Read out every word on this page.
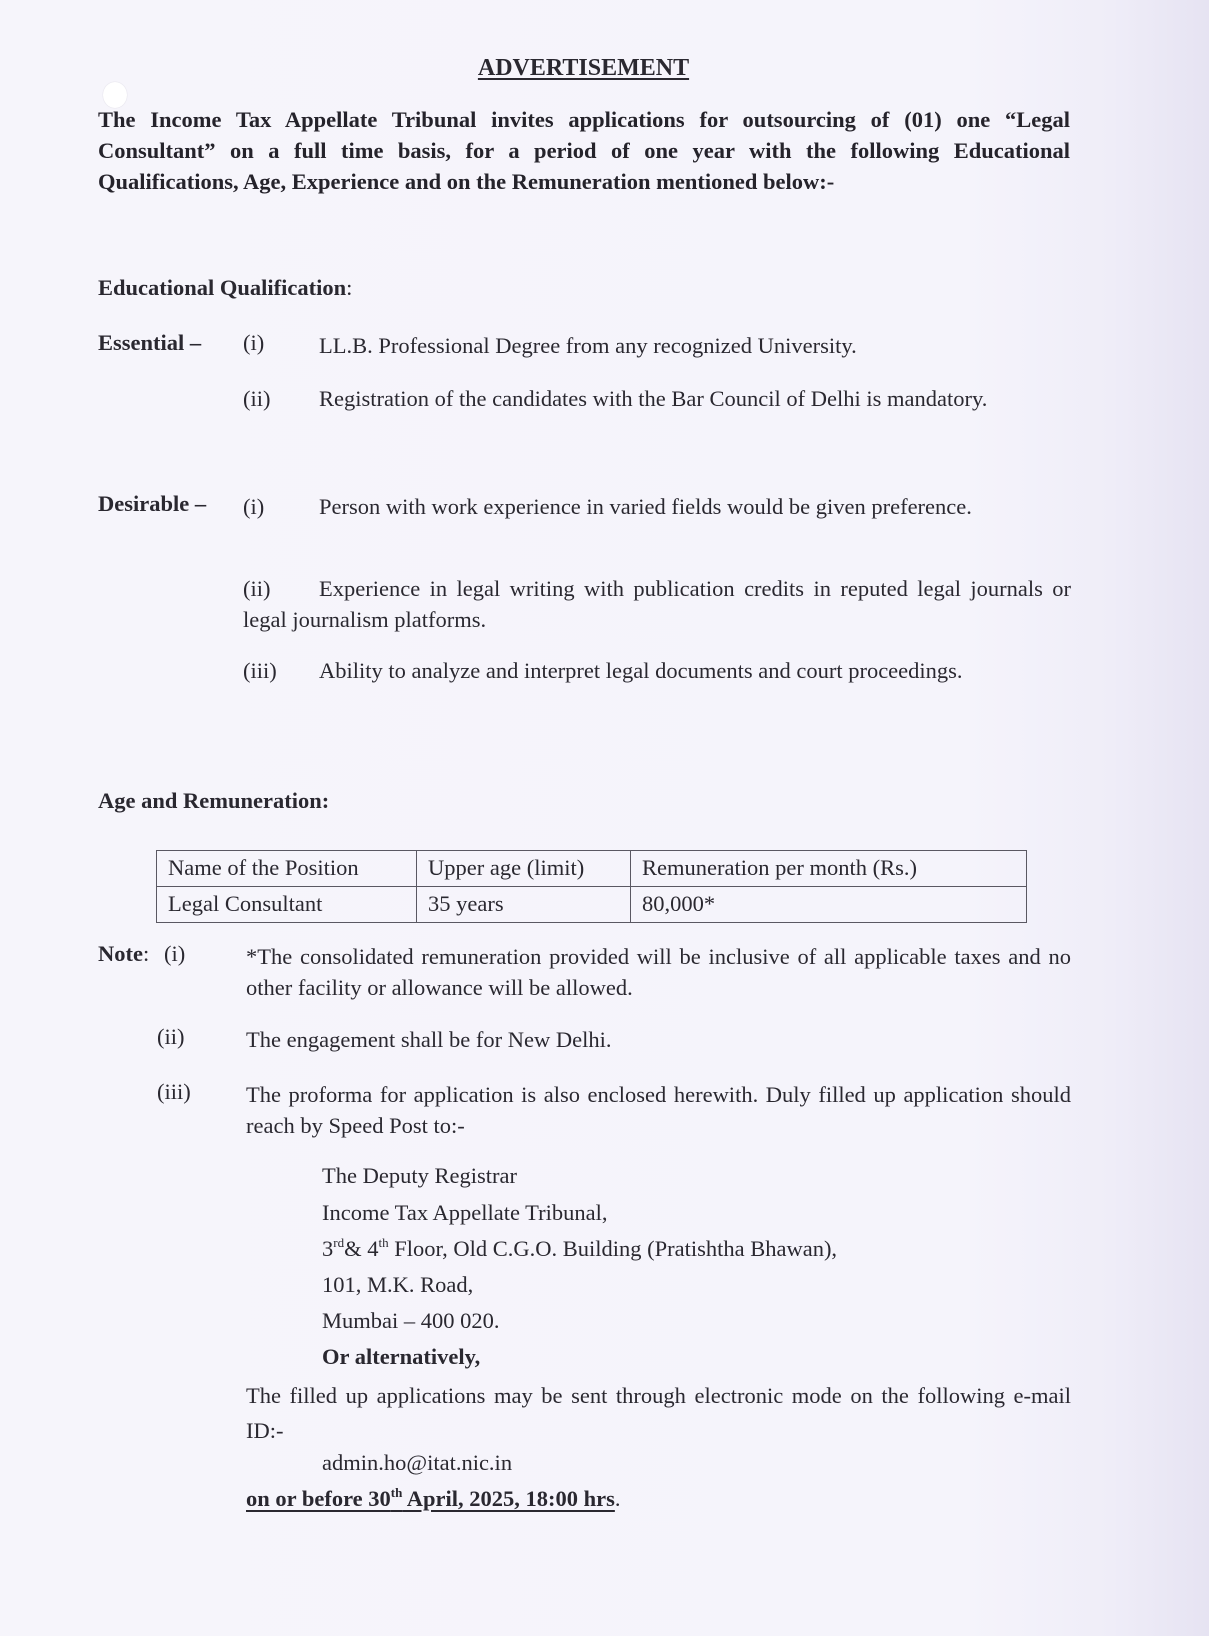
ADVERTISEMENT
The Income Tax Appellate Tribunal invites applications for outsourcing of (01) one “Legal Consultant” on a full time basis, for a period of one year with the following Educational Qualifications, Age, Experience and on the Remuneration mentioned below:-
Educational Qualification:
Essential – (i) LL.B. Professional Degree from any recognized University.
(ii) Registration of the candidates with the Bar Council of Delhi is mandatory.
Desirable – (i) Person with work experience in varied fields would be given preference.
(ii) Experience in legal writing with publication credits in reputed legal journals or legal journalism platforms.
(iii) Ability to analyze and interpret legal documents and court proceedings.
Age and Remuneration:
Name of the Position	Upper age (limit)	Remuneration per month (Rs.)
Legal Consultant	35 years	80,000*
Note: (i)	*The consolidated remuneration provided will be inclusive of all applicable taxes and no other facility or allowance will be allowed.
(ii)	The engagement shall be for New Delhi.
(iii) The proforma for application is also enclosed herewith. Duly filled up application should reach by Speed Post to:-
The Deputy Registrar
Income Tax Appellate Tribunal,
3rd& 4th Floor, Old C.G.O. Building (Pratishtha Bhawan),
101, M.K. Road,
Mumbai – 400 020.
Or alternatively,
The filled up applications may be sent through electronic mode on the following e-mail ID:-
admin.ho@itat.nic.in
on or before 30th April, 2025, 18:00 hrs.
